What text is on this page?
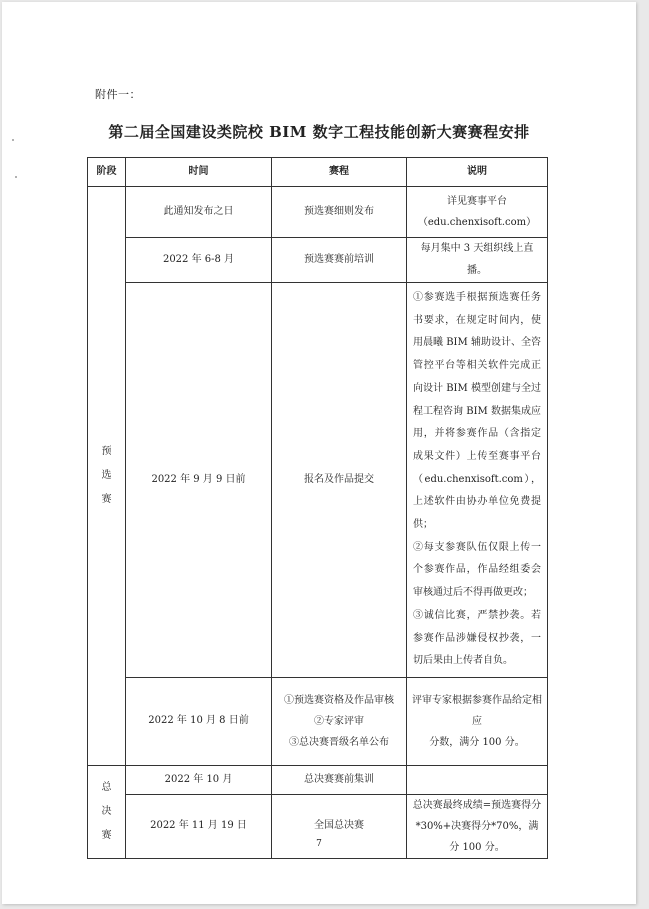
附件一：
第二届全国建设类院校 BIM 数字工程技能创新大赛赛程安排
阶段	时间	赛程	说明

预
选
赛	此通知发布之日	预选赛细则发布	详见赛事平台
（edu.chenxisoft.com）

	2022 年 6-8 月	预选赛赛前培训	每月集中 3 天组织线上直播。
	2022 年 9 月 9 日前	报名及作品提交	①参赛选手根据预选赛任务书要求，在规定时间内，使用晨曦 BIM 辅助设计、全咨管控平台等相关软件完成正向设计 BIM 模型创建与全过程工程咨询 BIM 数据集成应用，并将参赛作品（含指定成果文件）上传至赛事平台（edu.chenxisoft.com），上述软件由协办单位免费提供；
②每支参赛队伍仅限上传一个参赛作品，作品经组委会审核通过后不得再做更改；
③诚信比赛，严禁抄袭。若参赛作品涉嫌侵权抄袭，一切后果由上传者自负。

	2022 年 10 月 8 日前	①预选赛资格及作品审核
②专家评审
③总决赛晋级名单公布	评审专家根据参赛作品给定相应
分数，满分 100 分。

总
决
赛	2022 年 10 月	总决赛赛前集训	
	2022 年 11 月 19 日	全国总决赛	总决赛最终成绩=预选赛得分
*30%+决赛得分*70%，满分 100 分。
7
